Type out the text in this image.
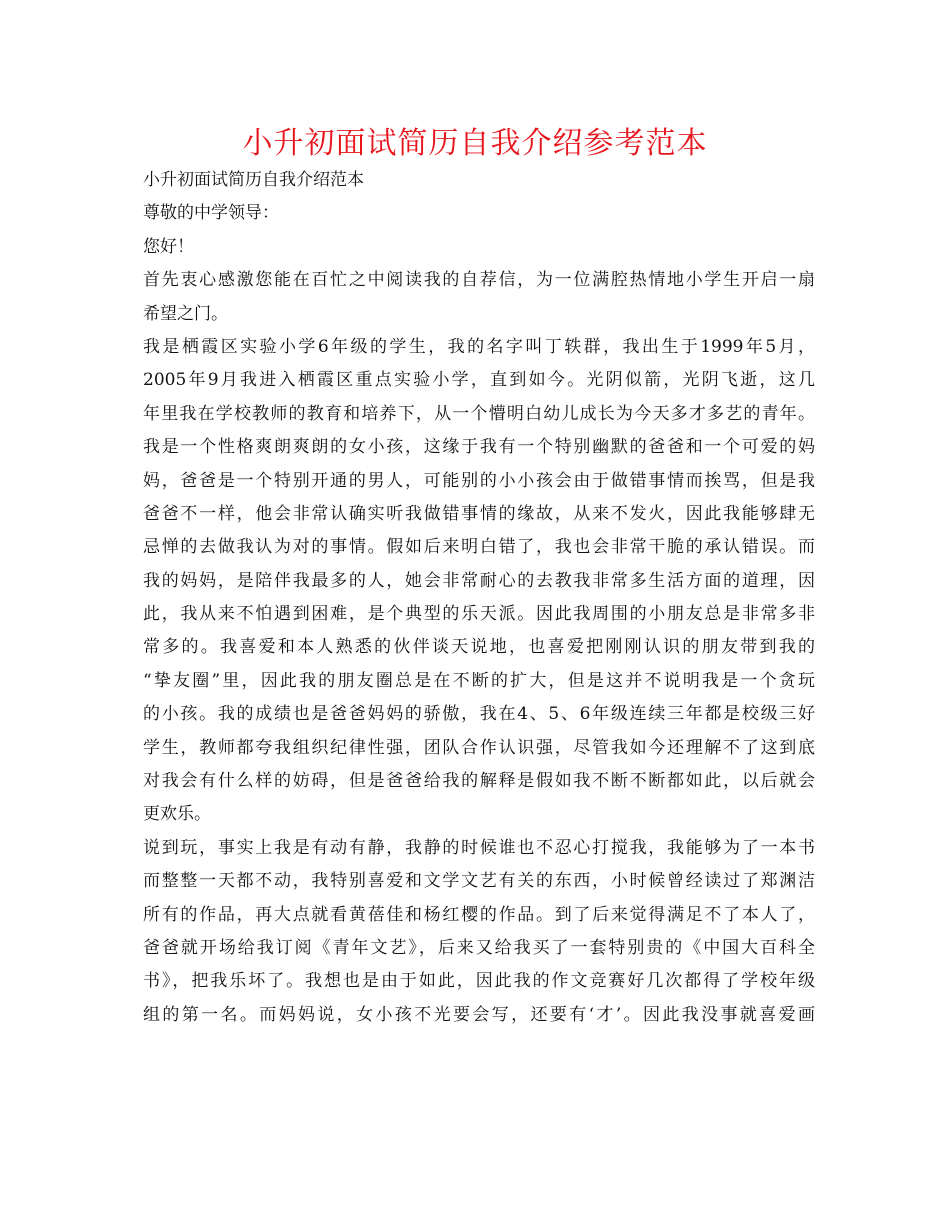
小升初面试简历自我介绍参考范本
小升初面试简历自我介绍范本
尊敬的中学领导：
您好！
首先衷心感激您能在百忙之中阅读我的自荐信，为一位满腔热情地小学生开启一扇
希望之门。
我是栖霞区实验小学6年级的学生，我的名字叫丁轶群，我出生于1999年5月，
2005年9月我进入栖霞区重点实验小学，直到如今。光阴似箭，光阴飞逝，这几
年里我在学校教师的教育和培养下，从一个懵明白幼儿成长为今天多才多艺的青年。
我是一个性格爽朗爽朗的女小孩，这缘于我有一个特别幽默的爸爸和一个可爱的妈
妈，爸爸是一个特别开通的男人，可能别的小小孩会由于做错事情而挨骂，但是我
爸爸不一样，他会非常认确实听我做错事情的缘故，从来不发火，因此我能够肆无
忌惮的去做我认为对的事情。假如后来明白错了，我也会非常干脆的承认错误。而
我的妈妈，是陪伴我最多的人，她会非常耐心的去教我非常多生活方面的道理，因
此，我从来不怕遇到困难，是个典型的乐天派。因此我周围的小朋友总是非常多非
常多的。我喜爱和本人熟悉的伙伴谈天说地，也喜爱把刚刚认识的朋友带到我的
“挚友圈”里，因此我的朋友圈总是在不断的扩大，但是这并不说明我是一个贪玩
的小孩。我的成绩也是爸爸妈妈的骄傲，我在4、5、6年级连续三年都是校级三好
学生，教师都夸我组织纪律性强，团队合作认识强，尽管我如今还理解不了这到底
对我会有什么样的妨碍，但是爸爸给我的解释是假如我不断不断都如此，以后就会
更欢乐。
说到玩，事实上我是有动有静，我静的时候谁也不忍心打搅我，我能够为了一本书
而整整一天都不动，我特别喜爱和文学文艺有关的东西，小时候曾经读过了郑渊洁
所有的作品，再大点就看黄蓓佳和杨红樱的作品。到了后来觉得满足不了本人了，
爸爸就开场给我订阅《青年文艺》，后来又给我买了一套特别贵的《中国大百科全
书》，把我乐坏了。我想也是由于如此，因此我的作文竞赛好几次都得了学校年级
组的第一名。而妈妈说，女小孩不光要会写，还要有‘才’。因此我没事就喜爱画
